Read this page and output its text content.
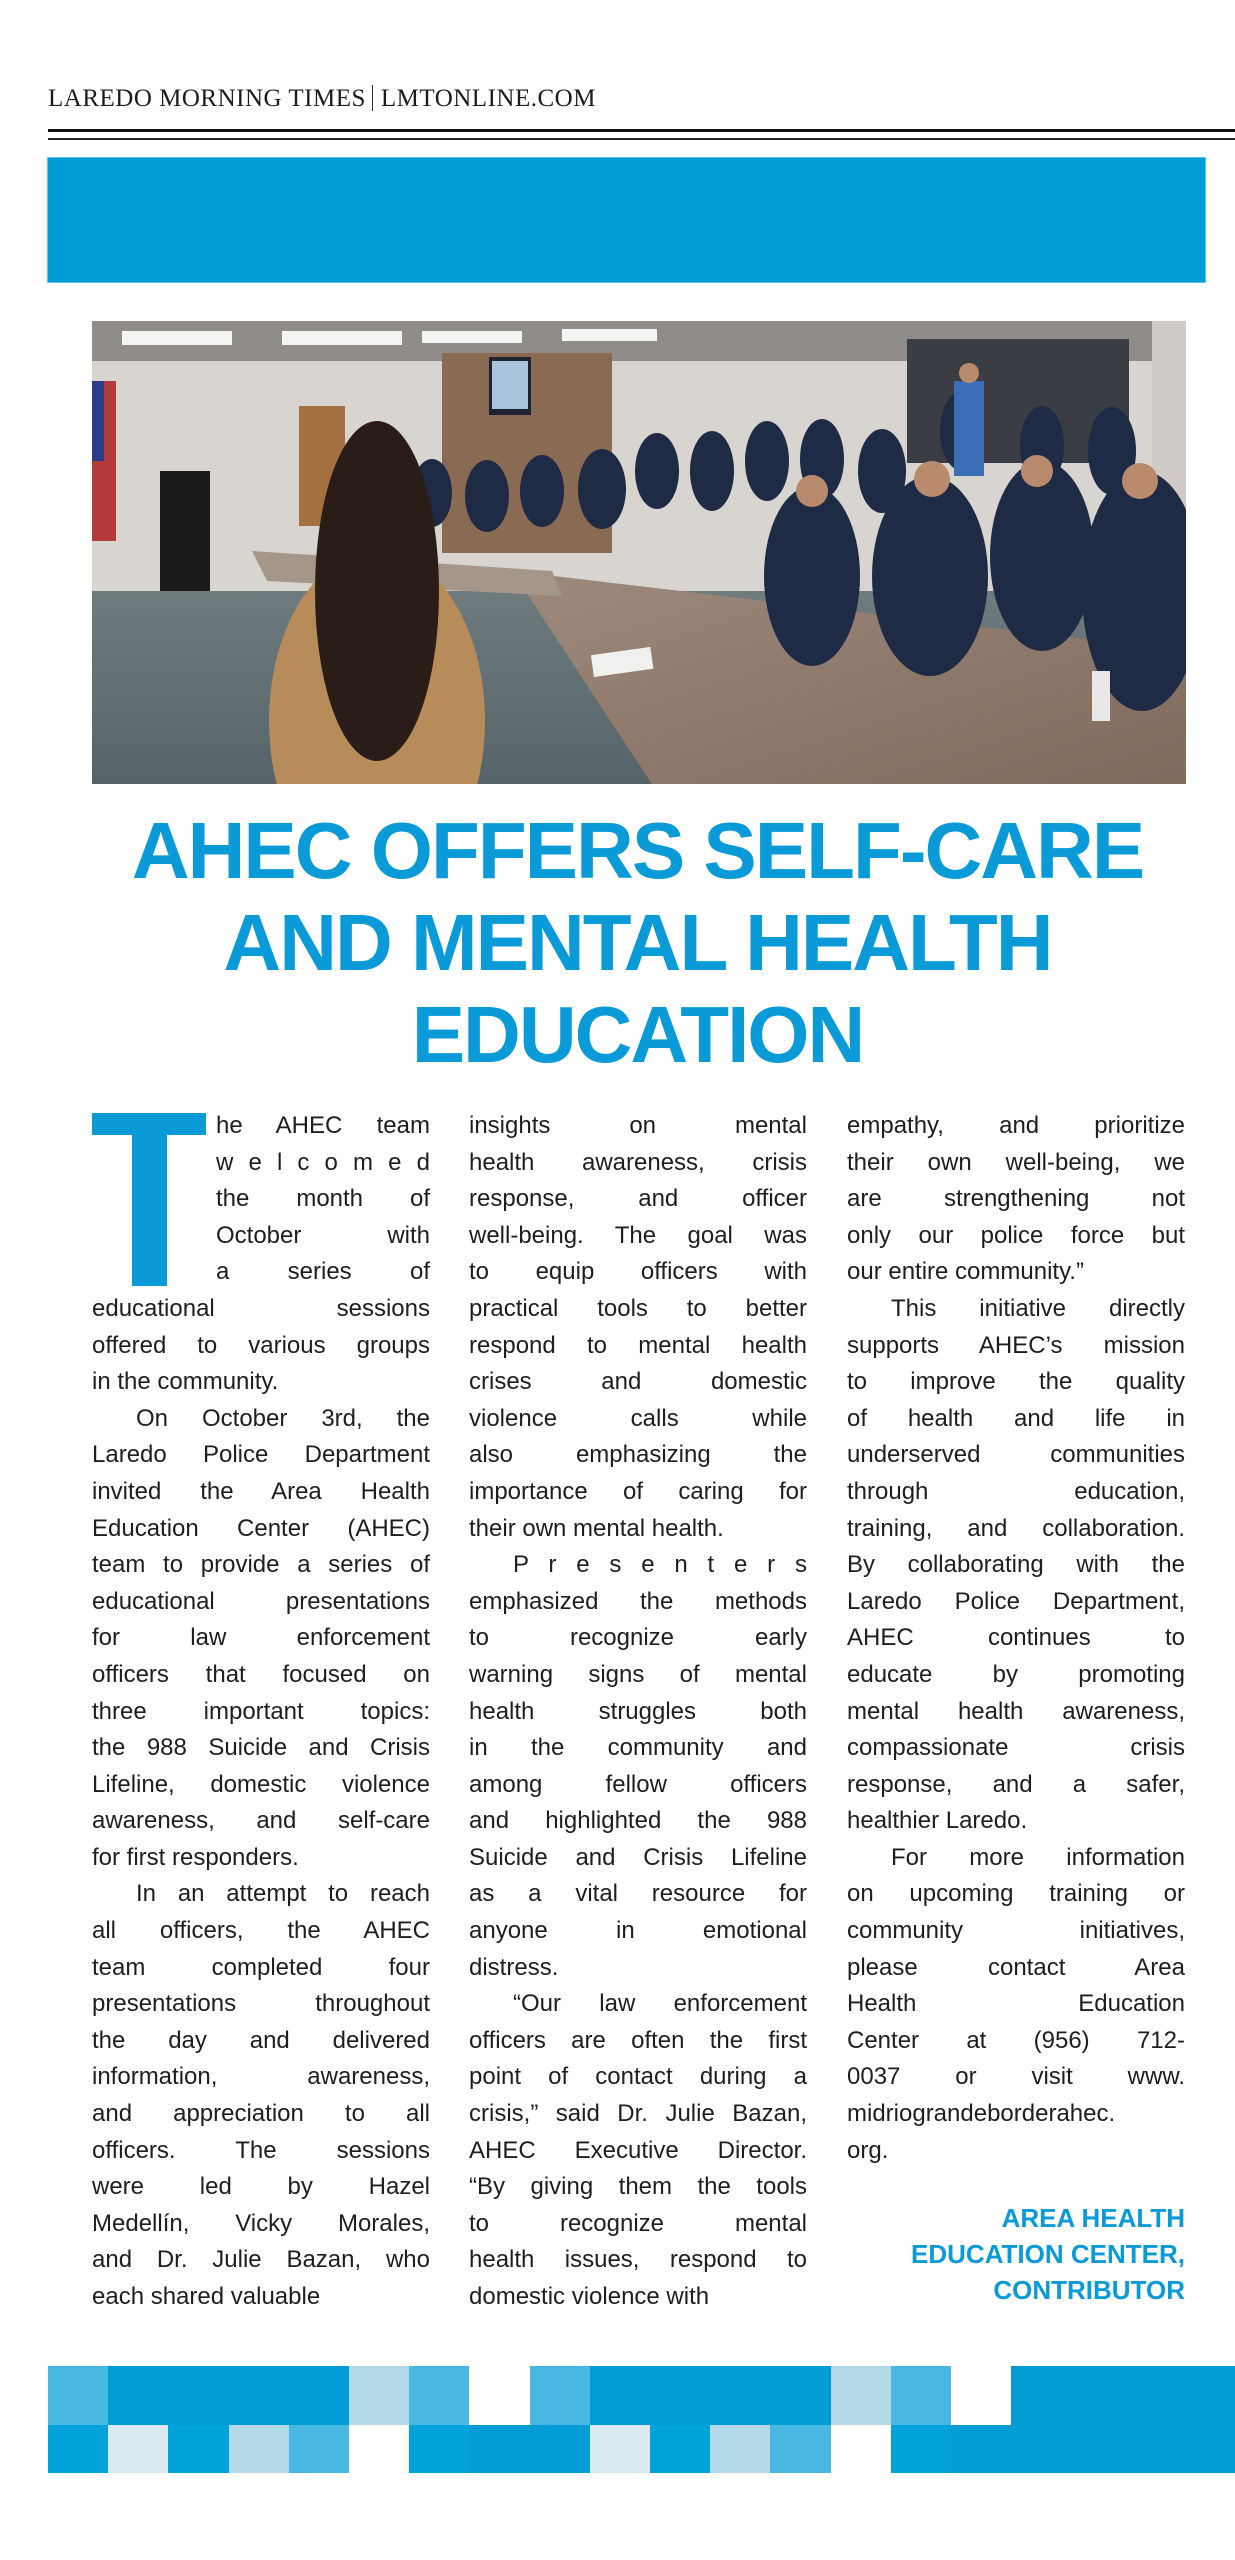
LAREDO MORNING TIMES LMTONLINE.COM
AHEC OFFERS SELF-CARE
AND MENTAL HEALTH
EDUCATION
he AHEC team
w e l c o m e d
the month of
October with
a series of
educational sessions
offered to various groups
in the community.
On October 3rd, the
Laredo Police Department
invited the Area Health
Education Center (AHEC)
team to provide a series of
educational presentations
for law enforcement
officers that focused on
three important topics:
the 988 Suicide and Crisis
Lifeline, domestic violence
awareness, and self-care
for first responders.
In an attempt to reach
all officers, the AHEC
team completed four
presentations throughout
the day and delivered
information, awareness,
and appreciation to all
officers. The sessions
were led by Hazel
Medellín, Vicky Morales,
and Dr. Julie Bazan, who
each shared valuable
insights on mental
health awareness, crisis
response, and officer
well-being. The goal was
to equip officers with
practical tools to better
respond to mental health
crises and domestic
violence calls while
also emphasizing the
importance of caring for
their own mental health.
P r e s e n t e r s
emphasized the methods
to recognize early
warning signs of mental
health struggles both
in the community and
among fellow officers
and highlighted the 988
Suicide and Crisis Lifeline
as a vital resource for
anyone in emotional
distress.
“Our law enforcement
officers are often the first
point of contact during a
crisis,” said Dr. Julie Bazan,
AHEC Executive Director.
“By giving them the tools
to recognize mental
health issues, respond to
domestic violence with
empathy, and prioritize
their own well-being, we
are strengthening not
only our police force but
our entire community.”
This initiative directly
supports AHEC’s mission
to improve the quality
of health and life in
underserved communities
through education,
training, and collaboration.
By collaborating with the
Laredo Police Department,
AHEC continues to
educate by promoting
mental health awareness,
compassionate crisis
response, and a safer,
healthier Laredo.
For more information
on upcoming training or
community initiatives,
please contact Area
Health Education
Center at (956) 712-
0037 or visit www.
midriograndeborderahec.
org.
AREA HEALTH
EDUCATION CENTER,
CONTRIBUTOR
